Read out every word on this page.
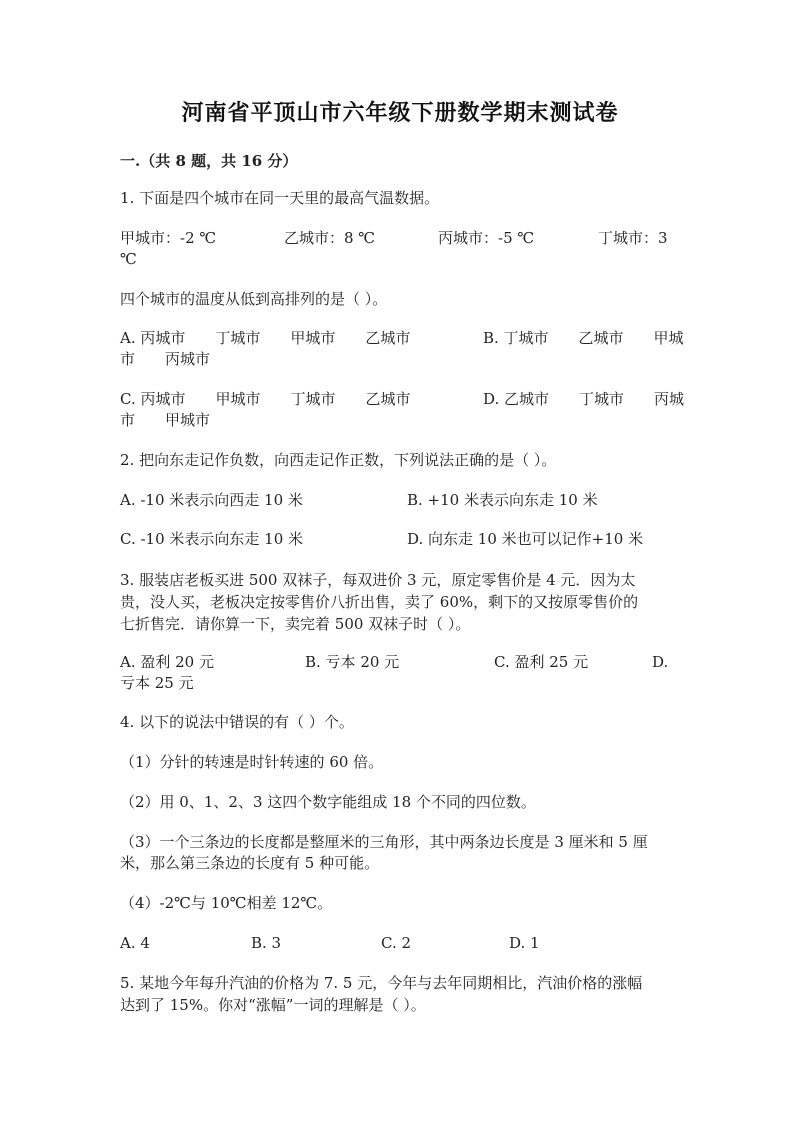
河南省平顶山市六年级下册数学期末测试卷
一.（共 8 题，共 16 分）
1. 下面是四个城市在同一天里的最高气温数据。
甲城市：-2 ℃	乙城市：8 ℃	丙城市：-5 ℃	丁城市：3
℃
四个城市的温度从低到高排列的是（ ）。
A. 丙城市　　丁城市　　甲城市　　乙城市	B. 丁城市　　乙城市　　甲城
市　　丙城市
C. 丙城市　　甲城市　　丁城市　　乙城市	D. 乙城市　　丁城市　　丙城
市　　甲城市
2. 把向东走记作负数，向西走记作正数，下列说法正确的是（ ）。
A. -10 米表示向西走 10 米	B. +10 米表示向东走 10 米
C. -10 米表示向东走 10 米	D. 向东走 10 米也可以记作+10 米
3. 服装店老板买进 500 双袜子，每双进价 3 元，原定零售价是 4 元．因为太
贵，没人买，老板决定按零售价八折出售，卖了 60%，剩下的又按原零售价的
七折售完．请你算一下，卖完着 500 双袜子时（ ）。
A. 盈利 20 元	B. 亏本 20 元	C. 盈利 25 元	D.
亏本 25 元
4. 以下的说法中错误的有（ ）个。
（1）分针的转速是时针转速的 60 倍。
（2）用 0、1、2、3 这四个数字能组成 18 个不同的四位数。
（3）一个三条边的长度都是整厘米的三角形，其中两条边长度是 3 厘米和 5 厘
米，那么第三条边的长度有 5 种可能。
（4）-2℃与 10℃相差 12℃。
A. 4	B. 3	C. 2	D. 1
5. 某地今年每升汽油的价格为 7. 5 元，今年与去年同期相比，汽油价格的涨幅
达到了 15%。你对“涨幅”一词的理解是（ ）。
